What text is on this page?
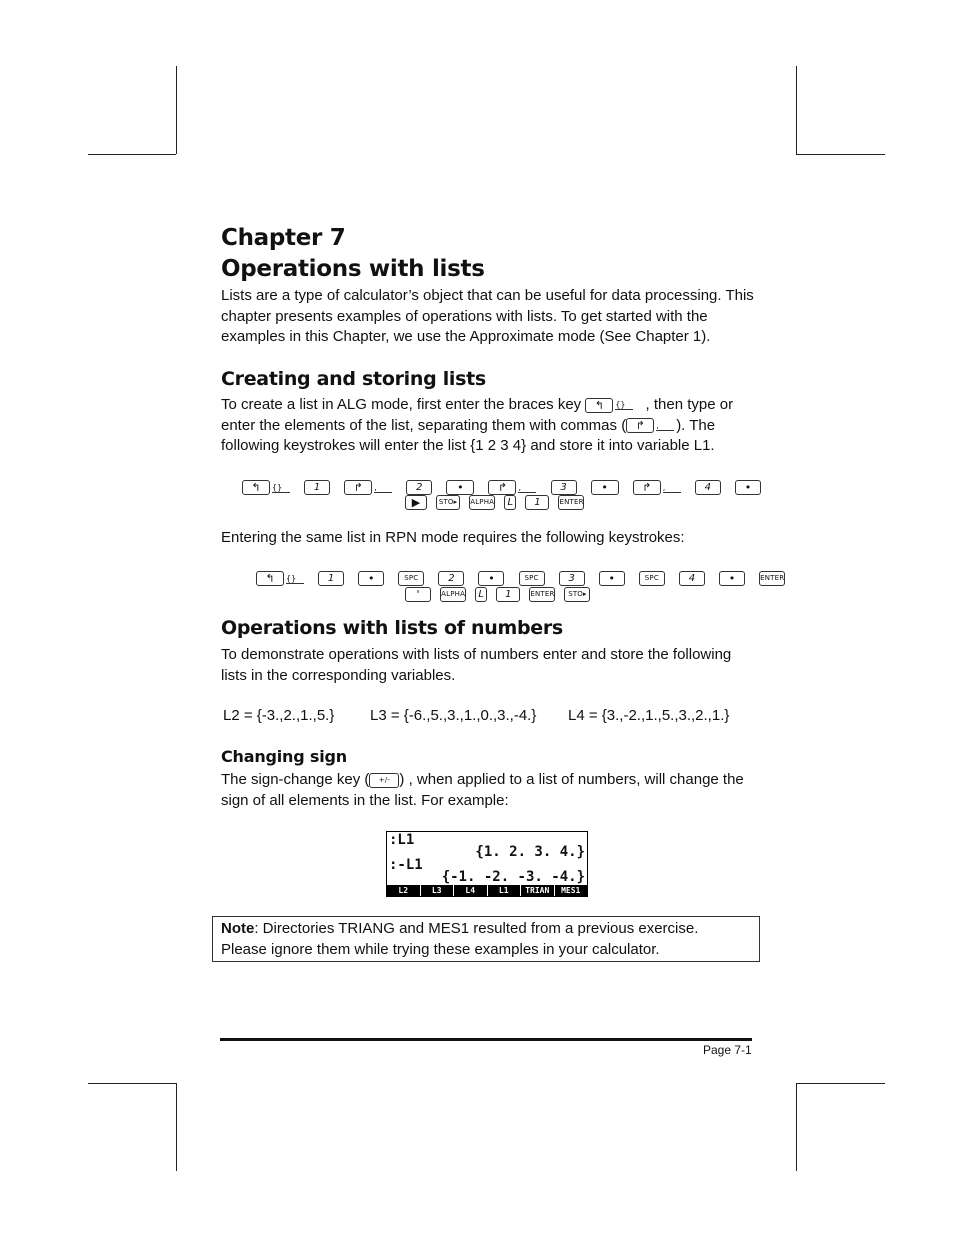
Chapter 7
Operations with lists
Lists are a type of calculator’s object that can be useful for data processing. This chapter presents examples of operations with lists. To get started with the examples in this Chapter, we use the Approximate mode (See Chapter 1).
Creating and storing lists
To create a list in ALG mode, first enter the braces key ↰ {} , then type or enter the elements of the list, separating them with commas ( ↱ , ). The following keystrokes will enter the list {1 2 3 4} and store it into variable L1.
↰ {}	1	↱ ,	2	•	↱ ,	3	•	↱ ,	4	•
▶	STO▸ ALPHA L 1	ENTER
Entering the same list in RPN mode requires the following keystrokes:
↰ {}	1	•	SPC	2	•	SPC	3	•	SPC	4	•	ENTER
'	ALPHA L 1	ENTER STO▸
Operations with lists of numbers
To demonstrate operations with lists of numbers enter and store the following lists in the corresponding variables.
L2 = {-3.,2.,1.,5.}	L3 = {-6.,5.,3.,1.,0.,3.,-4.}	L4 = {3.,-2.,1.,5.,3.,2.,1.}
Changing sign
The sign-change key ( +/- ) , when applied to a list of numbers, will change the sign of all elements in the list. For example:
:L1
{1. 2. 3. 4.}
:-L1
{-1. -2. -3. -4.}
L2	L3	L4	L1	TRIAN	MES1
Note: Directories TRIANG and MES1 resulted from a previous exercise. Please ignore them while trying these examples in your calculator.
Page 7-1
